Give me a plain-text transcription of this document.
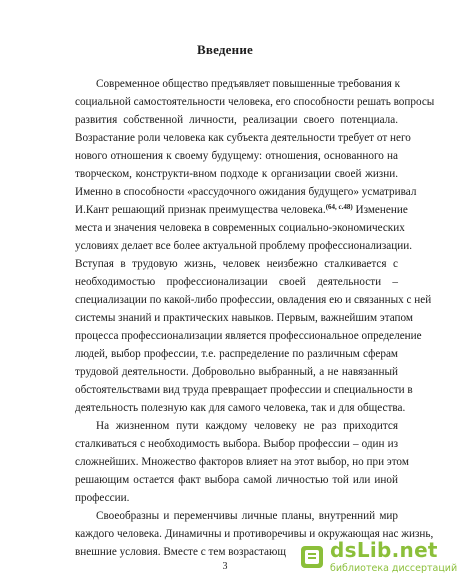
Введение
Современное общество предъявляет повышенные требования к
социальной самостоятельности человека, его способности решать вопросы
развития собственной личности, реализации своего потенциала.
Возрастание роли человека как субъекта деятельности требует от него
нового отношения к своему будущему: отношения, основанного на
творческом, конструкти-вном подходе к организации своей жизни.
Именно в способности «рассудочного ожидания будущего» усматривал
И.Кант решающий признак преимущества человека.$^{(64, с.48)}$ Изменение
места и значения человека в современных социально-экономических
условиях делает все более актуальной проблему профессионализации.
Вступая в трудовую жизнь, человек неизбежно сталкивается с
необходимостью профессионализации своей деятельности –
специализации по какой-либо профессии, овладения ею и связанных с ней
системы знаний и практических навыков. Первым, важнейшим этапом
процесса профессионализации является профессиональное определение
людей, выбор профессии, т.е. распределение по различным сферам
трудовой деятельности. Добровольно выбранный, а не навязанный
обстоятельствами вид труда превращает профессии и специальности в
деятельность полезную как для самого человека, так и для общества.
На жизненном пути каждому человеку не раз приходится
сталкиваться с необходимость выбора. Выбор профессии – один из
сложнейших. Множество факторов влияет на этот выбор, но при этом
решающим остается факт выбора самой личностью той или иной
профессии.
Своеобразны и переменчивы личные планы, внутренний мир
каждого человека. Динамичны и противоречивы и окружающая нас жизнь,
внешние условия. Вместе с тем возрастающ
3
dsLib.net
библиотека диссертаций
